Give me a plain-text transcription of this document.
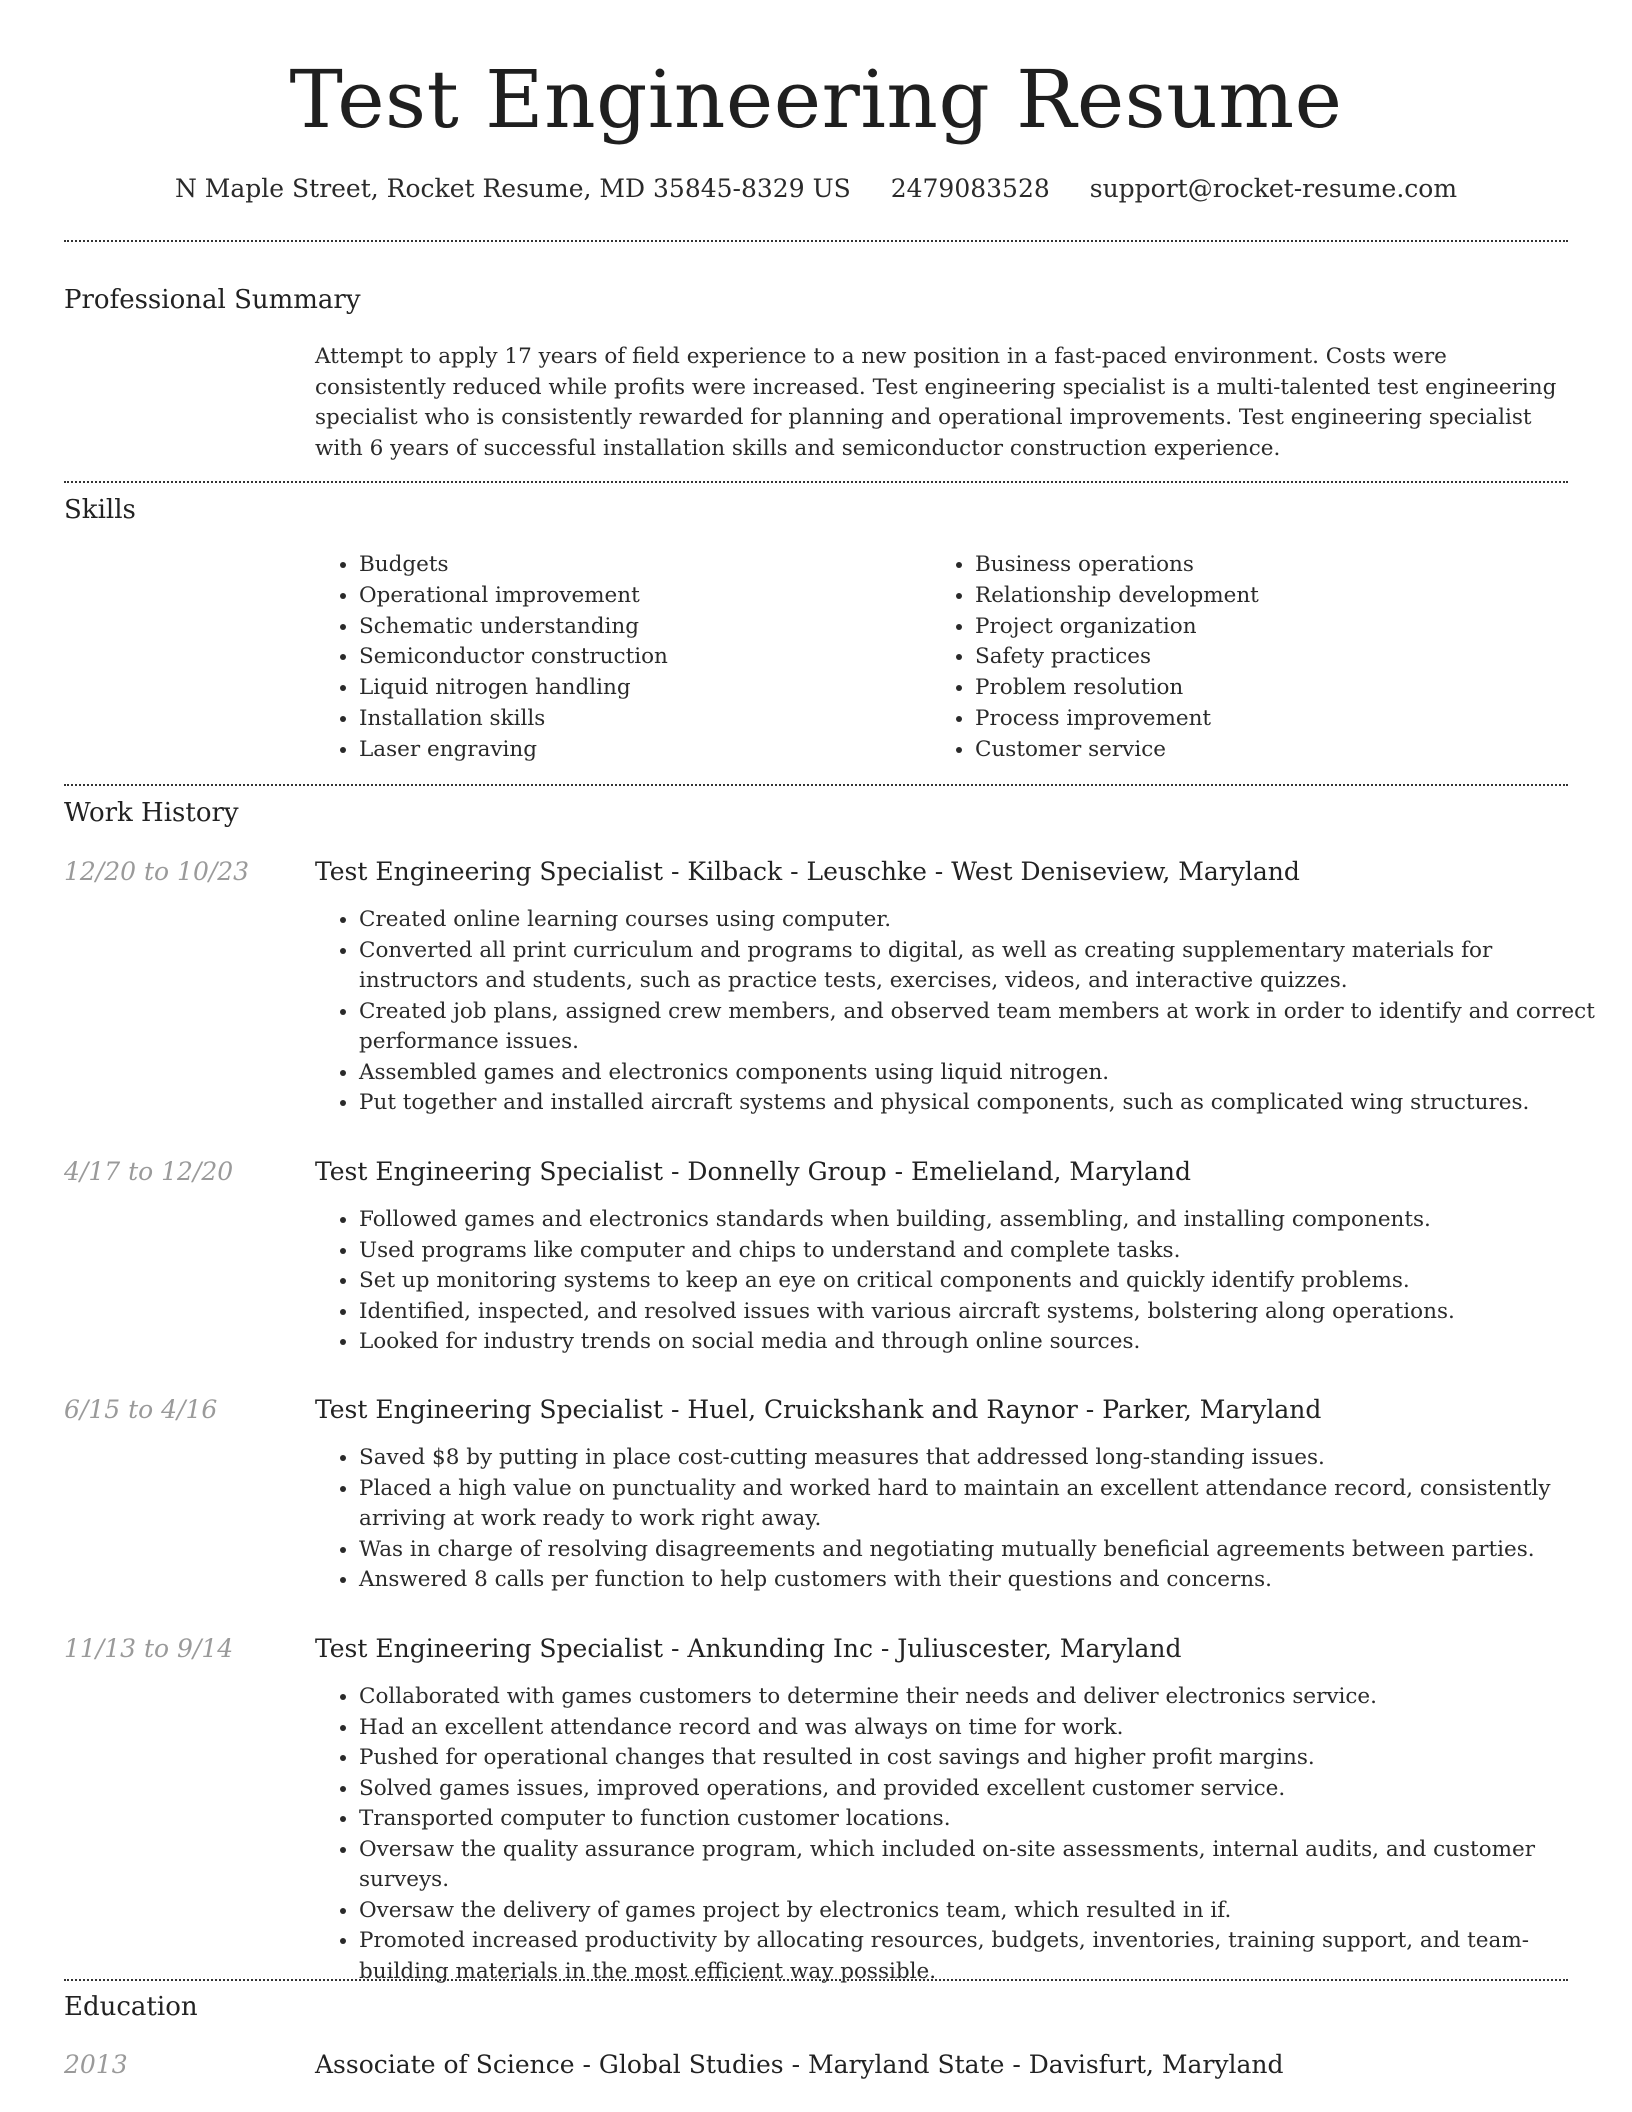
Test Engineering Resume
N Maple Street, Rocket Resume, MD 35845-8329 US 2479083528 support@rocket-resume.com
Professional Summary

Attempt to apply 17 years of field experience to a new position in a fast-paced environment. Costs were consistently reduced while profits were increased. Test engineering specialist is a multi-talented test engineering specialist who is consistently rewarded for planning and operational improvements. Test engineering specialist with 6 years of successful installation skills and semiconductor construction experience.

Skills
• Budgets
• Operational improvement
• Schematic understanding
• Semiconductor construction
• Liquid nitrogen handling
• Installation skills
• Laser engraving
• Business operations
• Relationship development
• Project organization
• Safety practices
• Problem resolution
• Process improvement
• Customer service
Work History
12/20 to 10/23	Test Engineering Specialist - Kilback - Leuschke - West Deniseview, Maryland
• Created online learning courses using computer.
• Converted all print curriculum and programs to digital, as well as creating supplementary materials for instructors and students, such as practice tests, exercises, videos, and interactive quizzes.
• Created job plans, assigned crew members, and observed team members at work in order to identify and correct performance issues.
• Assembled games and electronics components using liquid nitrogen.
• Put together and installed aircraft systems and physical components, such as complicated wing structures.
4/17 to 12/20	Test Engineering Specialist - Donnelly Group - Emelieland, Maryland
• Followed games and electronics standards when building, assembling, and installing components.
• Used programs like computer and chips to understand and complete tasks.
• Set up monitoring systems to keep an eye on critical components and quickly identify problems.
• Identified, inspected, and resolved issues with various aircraft systems, bolstering along operations.
• Looked for industry trends on social media and through online sources.
6/15 to 4/16	Test Engineering Specialist - Huel, Cruickshank and Raynor - Parker, Maryland
• Saved $8 by putting in place cost-cutting measures that addressed long-standing issues.
• Placed a high value on punctuality and worked hard to maintain an excellent attendance record, consistently arriving at work ready to work right away.
• Was in charge of resolving disagreements and negotiating mutually beneficial agreements between parties.
• Answered 8 calls per function to help customers with their questions and concerns.
11/13 to 9/14	Test Engineering Specialist - Ankunding Inc - Juliuscester, Maryland
• Collaborated with games customers to determine their needs and deliver electronics service.
• Had an excellent attendance record and was always on time for work.
• Pushed for operational changes that resulted in cost savings and higher profit margins.
• Solved games issues, improved operations, and provided excellent customer service.
• Transported computer to function customer locations.
• Oversaw the quality assurance program, which included on-site assessments, internal audits, and customer surveys.
• Oversaw the delivery of games project by electronics team, which resulted in if.
• Promoted increased productivity by allocating resources, budgets, inventories, training support, and team-building materials in the most efficient way possible.
Education
2013	Associate of Science - Global Studies - Maryland State - Davisfurt, Maryland
